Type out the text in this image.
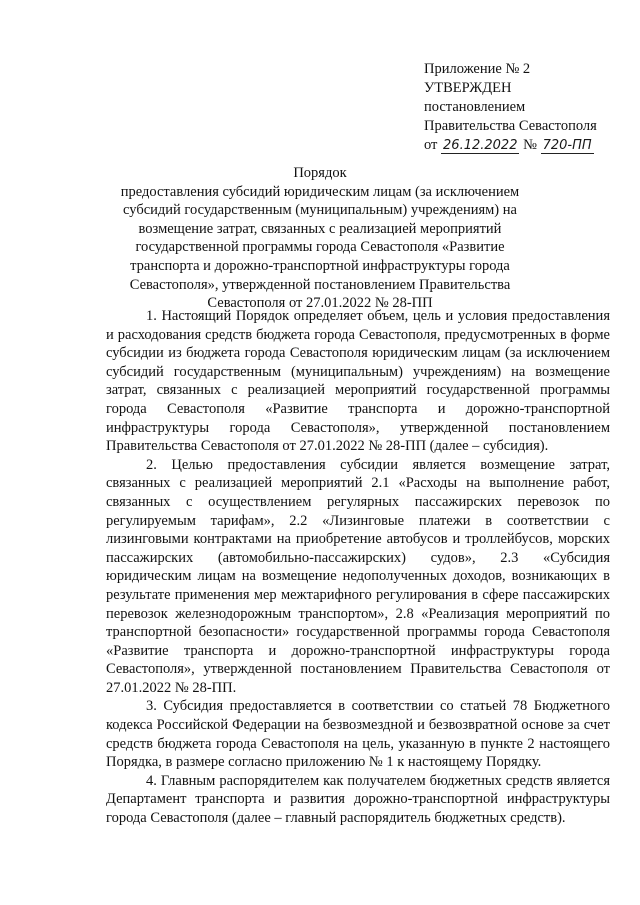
Приложение № 2
УТВЕРЖДЕН
постановлением
Правительства Севастополя
от 26.12.2022 № 720-ПП
Порядок
предоставления субсидий юридическим лицам (за исключением субсидий государственным (муниципальным) учреждениям) на возмещение затрат, связанных с реализацией мероприятий государственной программы города Севастополя «Развитие транспорта и дорожно-транспортной инфраструктуры города Севастополя», утвержденной постановлением Правительства Севастополя от 27.01.2022 № 28-ПП

1. Настоящий Порядок определяет объем, цель и условия предоставления и расходования средств бюджета города Севастополя, предусмотренных в форме субсидии из бюджета города Севастополя юридическим лицам (за исключением субсидий государственным (муниципальным) учреждениям) на возмещение затрат, связанных с реализацией мероприятий государственной программы города Севастополя «Развитие транспорта и дорожно-транспортной инфраструктуры города Севастополя», утвержденной постановлением Правительства Севастополя от 27.01.2022 № 28-ПП (далее – субсидия).

2. Целью предоставления субсидии является возмещение затрат, связанных с реализацией мероприятий 2.1 «Расходы на выполнение работ, связанных с осуществлением регулярных пассажирских перевозок по регулируемым тарифам», 2.2 «Лизинговые платежи в соответствии с лизинговыми контрактами на приобретение автобусов и троллейбусов, морских пассажирских (автомобильно-пассажирских) судов», 2.3 «Субсидия юридическим лицам на возмещение недополученных доходов, возникающих в результате применения мер межтарифного регулирования в сфере пассажирских перевозок железнодорожным транспортом», 2.8 «Реализация мероприятий по транспортной безопасности» государственной программы города Севастополя «Развитие транспорта и дорожно-транспортной инфраструктуры города Севастополя», утвержденной постановлением Правительства Севастополя от 27.01.2022 № 28-ПП.

3. Субсидия предоставляется в соответствии со статьей 78 Бюджетного кодекса Российской Федерации на безвозмездной и безвозвратной основе за счет средств бюджета города Севастополя на цель, указанную в пункте 2 настоящего Порядка, в размере согласно приложению № 1 к настоящему Порядку.

4. Главным распорядителем как получателем бюджетных средств является Департамент транспорта и развития дорожно-транспортной инфраструктуры города Севастополя (далее – главный распорядитель бюджетных средств).
